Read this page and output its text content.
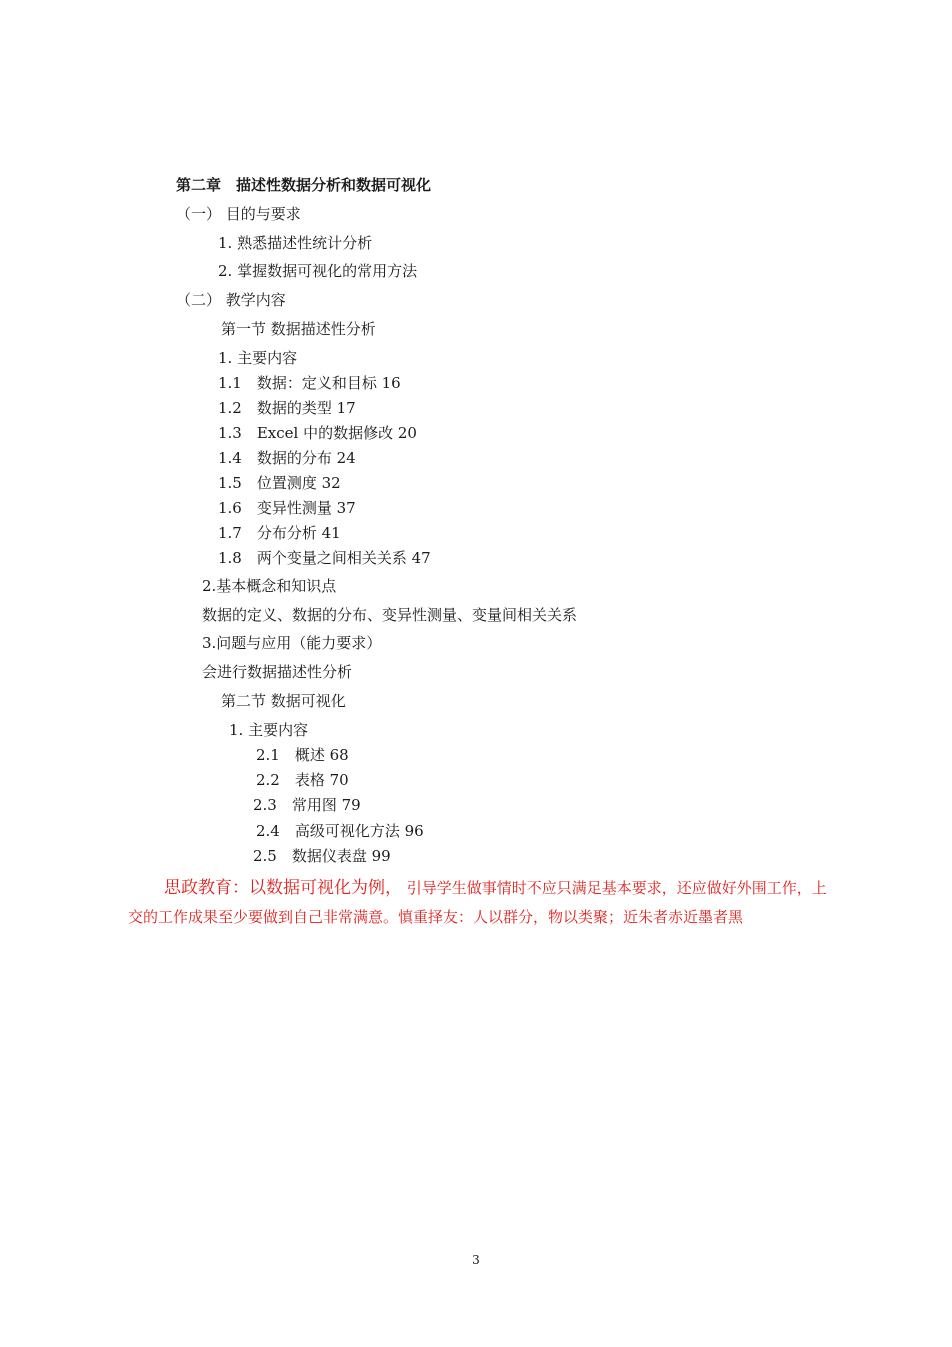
第二章　描述性数据分析和数据可视化
（一） 目的与要求
1. 熟悉描述性统计分析
2. 掌握数据可视化的常用方法
（二） 教学内容
第一节 数据描述性分析
1. 主要内容
1.1　数据：定义和目标 16
1.2　数据的类型 17
1.3　Excel 中的数据修改 20
1.4　数据的分布 24
1.5　位置测度 32
1.6　变异性测量 37
1.7　分布分析 41
1.8　两个变量之间相关关系 47
2.基本概念和知识点
数据的定义、数据的分布、变异性测量、变量间相关关系
3.问题与应用（能力要求）
会进行数据描述性分析
第二节 数据可视化
1. 主要内容
2.1　概述 68
2.2　表格 70
2.3　常用图 79
2.4　高级可视化方法 96
2.5　数据仪表盘 99
思政教育：以数据可视化为例， 引导学生做事情时不应只满足基本要求，还应做好外围工作，上交的工作成果至少要做到自己非常满意。慎重择友：人以群分，物以类聚；近朱者赤近墨者黑
3
